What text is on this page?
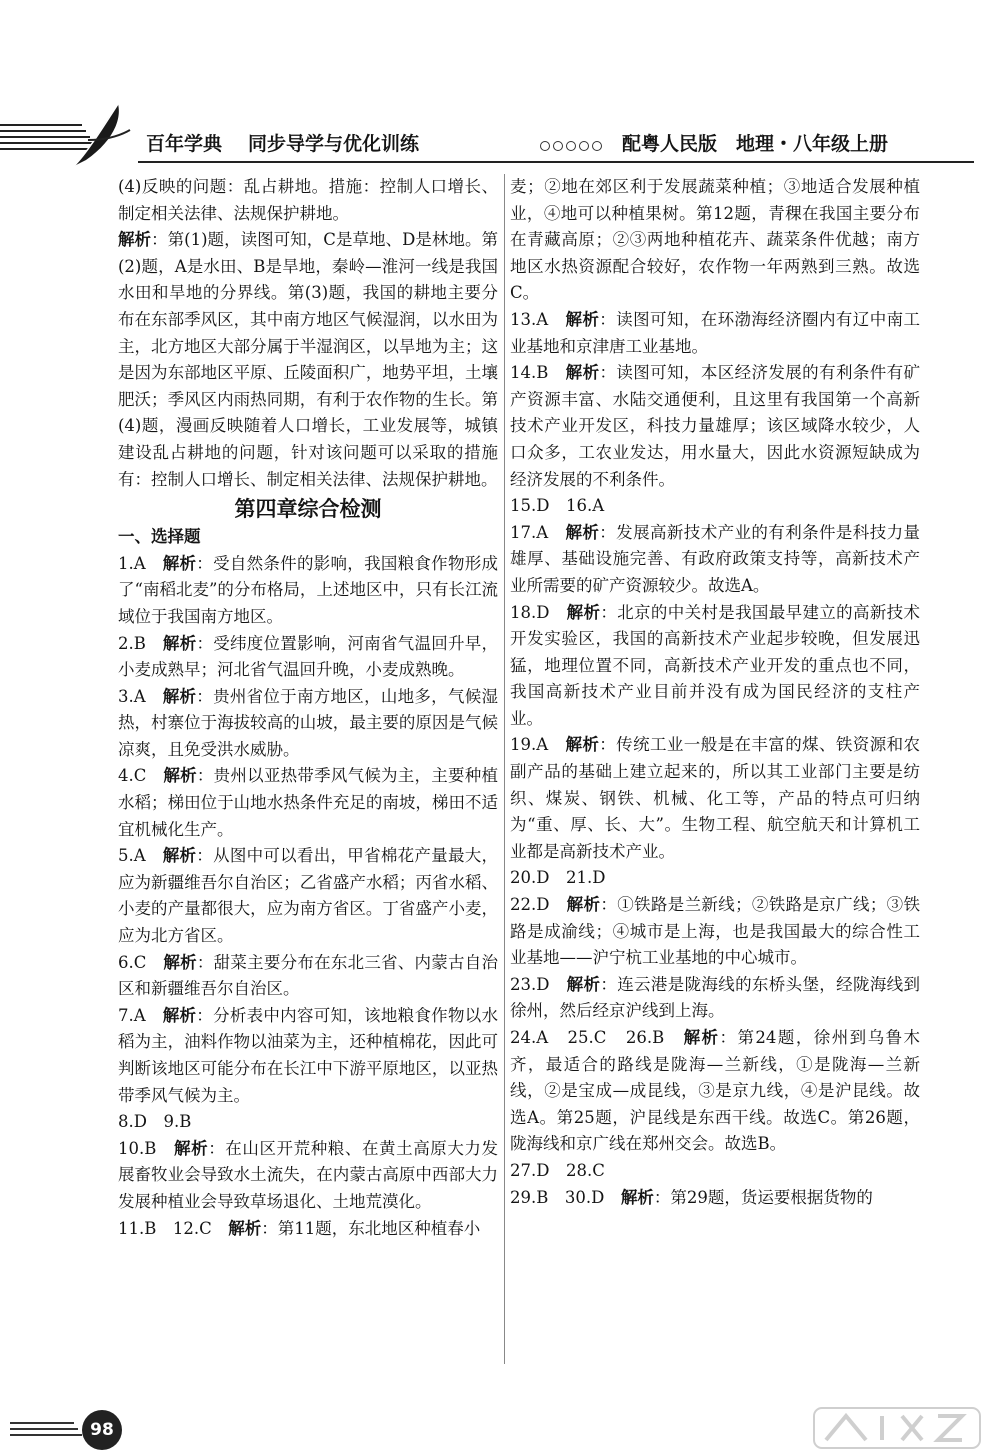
百年学典 同步导学与优化训练	配粤人民版 地理・八年级上册

(4)反映的问题：乱占耕地。措施：控制人口增长、制定相关法律、法规保护耕地。

解析：第(1)题，读图可知，C是草地、D是林地。第(2)题，A是水田、B是旱地，秦岭—淮河一线是我国水田和旱地的分界线。第(3)题，我国的耕地主要分布在东部季风区，其中南方地区气候湿润，以水田为主，北方地区大部分属于半湿润区，以旱地为主；这是因为东部地区平原、丘陵面积广，地势平坦，土壤肥沃；季风区内雨热同期，有利于农作物的生长。第(4)题，漫画反映随着人口增长，工业发展等，城镇建设乱占耕地的问题，针对该问题可以采取的措施有：控制人口增长、制定相关法律、法规保护耕地。

第四章综合检测

一、选择题

1.A　 解析：受自然条件的影响，我国粮食作物形成了“南稻北麦”的分布格局，上述地区中，只有长江流域位于我国南方地区。

2.B　 解析：受纬度位置影响，河南省气温回升早，小麦成熟早；河北省气温回升晚，小麦成熟晚。

3.A　 解析：贵州省位于南方地区，山地多，气候湿热，村寨位于海拔较高的山坡，最主要的原因是气候凉爽，且免受洪水威胁。

4.C　 解析：贵州以亚热带季风气候为主，主要种植水稻；梯田位于山地水热条件充足的南坡，梯田不适宜机械化生产。

5.A　 解析：从图中可以看出，甲省棉花产量最大，应为新疆维吾尔自治区；乙省盛产水稻；丙省水稻、小麦的产量都很大，应为南方省区。丁省盛产小麦，应为北方省区。

6.C　 解析：甜菜主要分布在东北三省、内蒙古自治区和新疆维吾尔自治区。

7.A　 解析：分析表中内容可知，该地粮食作物以水稻为主，油料作物以油菜为主，还种植棉花，因此可判断该地区可能分布在长江中下游平原地区，以亚热带季风气候为主。

8.D　9.B

10.B　 解析：在山区开荒种粮、在黄土高原大力发展畜牧业会导致水土流失，在内蒙古高原中西部大力发展种植业会导致草场退化、土地荒漠化。

11.B　12.C　 解析：第11题，东北地区种植春小

麦；②地在郊区利于发展蔬菜种植；③地适合发展种植业，④地可以种植果树。第12题，青稞在我国主要分布在青藏高原；②③两地种植花卉、蔬菜条件优越；南方地区水热资源配合较好，农作物一年两熟到三熟。故选C。

13.A　 解析：读图可知，在环渤海经济圈内有辽中南工业基地和京津唐工业基地。

14.B　 解析：读图可知，本区经济发展的有利条件有矿产资源丰富、水陆交通便利，且这里有我国第一个高新技术产业开发区，科技力量雄厚；该区域降水较少，人口众多，工农业发达，用水量大，因此水资源短缺成为经济发展的不利条件。

15.D　16.A

17.A　 解析：发展高新技术产业的有利条件是科技力量雄厚、基础设施完善、有政府政策支持等，高新技术产业所需要的矿产资源较少。故选A。

18.D　 解析：北京的中关村是我国最早建立的高新技术开发实验区，我国的高新技术产业起步较晚，但发展迅猛，地理位置不同，高新技术产业开发的重点也不同，我国高新技术产业目前并没有成为国民经济的支柱产业。

19.A　 解析：传统工业一般是在丰富的煤、铁资源和农副产品的基础上建立起来的，所以其工业部门主要是纺织、煤炭、钢铁、机械、化工等，产品的特点可归纳为“重、厚、长、大”。生物工程、航空航天和计算机工业都是高新技术产业。

20.D　21.D

22.D　 解析：①铁路是兰新线；②铁路是京广线；③铁路是成渝线；④城市是上海，也是我国最大的综合性工业基地——沪宁杭工业基地的中心城市。

23.D　 解析：连云港是陇海线的东桥头堡，经陇海线到徐州，然后经京沪线到上海。

24.A　25.C　26.B　 解析：第24题，徐州到乌鲁木齐，最适合的路线是陇海—兰新线，①是陇海—兰新线，②是宝成—成昆线，③是京九线，④是沪昆线。故选A。第25题，沪昆线是东西干线。故选C。第26题，陇海线和京广线在郑州交会。故选B。

27.D　28.C

29.B　30.D　 解析：第29题，货运要根据货物的

98
